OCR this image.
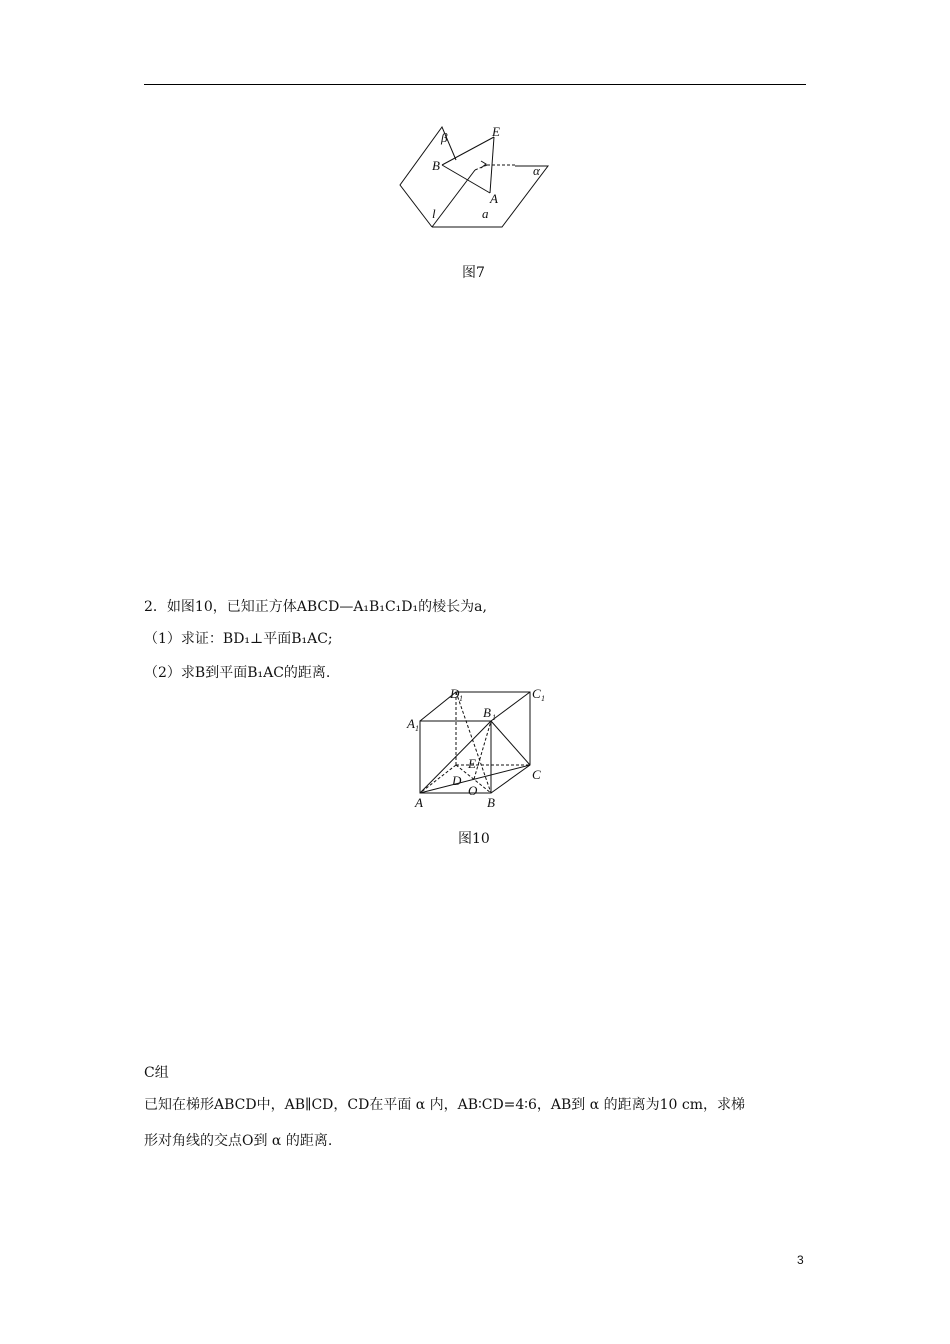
β	E
B	α
A
l	a
图7
2．如图10，已知正方体ABCD—A₁B₁C₁D₁的棱长为a,
（1）求证：BD₁⊥平面B₁AC;
（2）求B到平面B₁AC的距离.
D 1	C 1
B 1
A 1
E
D	C
A
O
B
图10
C组
已知在梯形ABCD中，AB∥CD，CD在平面 α 内，AB∶CD=4∶6，AB到 α 的距离为10 cm，求梯
形对角线的交点O到 α 的距离.
3
